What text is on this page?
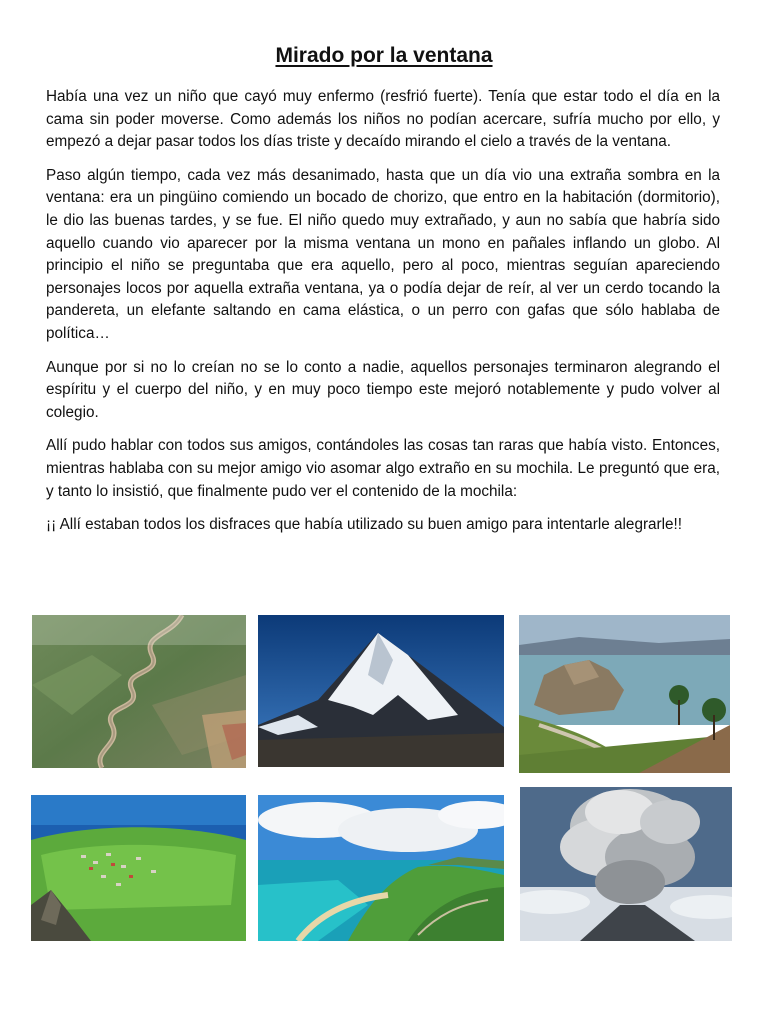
Mirado por la ventana

Había una vez un niño que cayó muy enfermo (resfrió fuerte). Tenía que estar todo el día en la cama sin poder moverse. Como además los niños no podían acercare, sufría mucho por ello, y empezó a dejar pasar todos los días triste y decaído mirando el cielo a través de la ventana.

Paso algún tiempo, cada vez más desanimado, hasta que un día vio una extraña sombra en la ventana: era un pingüino comiendo un bocado de chorizo, que entro en la habitación (dormitorio), le dio las buenas tardes, y se fue. El niño quedo muy extrañado, y aun no sabía que habría sido aquello cuando vio aparecer por la misma ventana un mono en pañales inflando un globo. Al principio el niño se preguntaba que era aquello, pero al poco, mientras seguían apareciendo personajes locos por aquella extraña ventana, ya o podía dejar de reír, al ver un cerdo tocando la pandereta, un elefante saltando en cama elástica, o un perro con gafas que sólo hablaba de política…

Aunque por si no lo creían no se lo conto a nadie, aquellos personajes terminaron alegrando el espíritu y el cuerpo del niño, y en muy poco tiempo este mejoró notablemente y pudo volver al colegio.

Allí pudo hablar con todos sus amigos, contándoles las cosas tan raras que había visto. Entonces, mientras hablaba con su mejor amigo vio asomar algo extraño en su mochila. Le preguntó que era, y tanto lo insistió, que finalmente pudo ver el contenido de la mochila:

¡¡ Allí estaban todos los disfraces que había utilizado su buen amigo para intentarle alegrarle!!
